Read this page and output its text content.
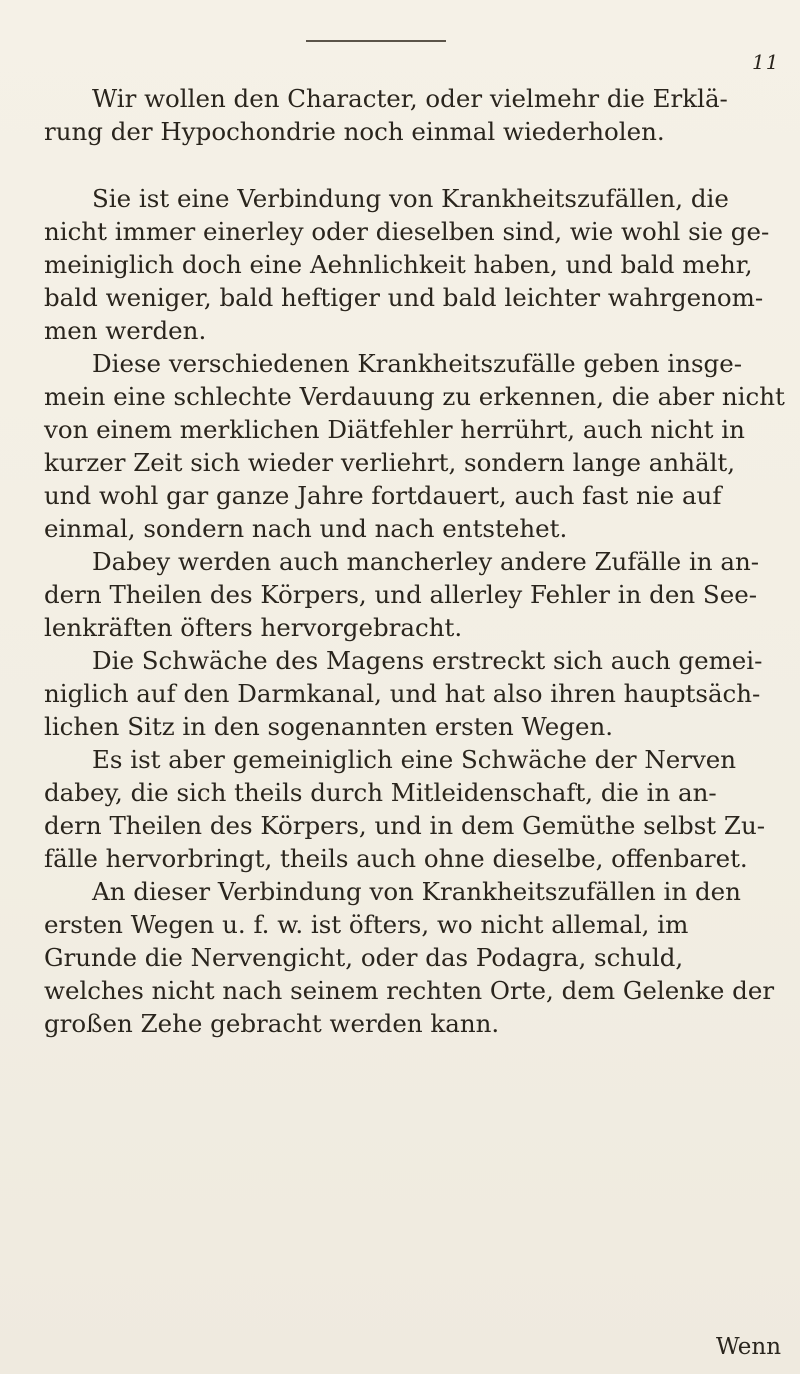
11
Wir wollen den Character, oder vielmehr die Erklä-
rung der Hypochondrie noch einmal wiederholen.
Sie ist eine Verbindung von Krankheitszufällen, die
nicht immer einerley oder dieselben sind, wie wohl sie ge-
meiniglich doch eine Aehnlichkeit haben, und bald mehr,
bald weniger, bald heftiger und bald leichter wahrgenom-
men werden.
Diese verschiedenen Krankheitszufälle geben insge-
mein eine schlechte Verdauung zu erkennen, die aber nicht
von einem merklichen Diätfehler herrührt, auch nicht in
kurzer Zeit sich wieder verliehrt, sondern lange anhält,
und wohl gar ganze Jahre fortdauert, auch fast nie auf
einmal, sondern nach und nach entstehet.
Dabey werden auch mancherley andere Zufälle in an-
dern Theilen des Körpers, und allerley Fehler in den See-
lenkräften öfters hervorgebracht.
Die Schwäche des Magens erstreckt sich auch gemei-
niglich auf den Darmkanal, und hat also ihren hauptsäch-
lichen Sitz in den sogenannten ersten Wegen.
Es ist aber gemeiniglich eine Schwäche der Nerven
dabey, die sich theils durch Mitleidenschaft, die in an-
dern Theilen des Körpers, und in dem Gemüthe selbst Zu-
fälle hervorbringt, theils auch ohne dieselbe, offenbaret.
An dieser Verbindung von Krankheitszufällen in den
ersten Wegen u. f. w. ist öfters, wo nicht allemal, im
Grunde die Nervengicht, oder das Podagra, schuld,
welches nicht nach seinem rechten Orte, dem Gelenke der
großen Zehe gebracht werden kann.
Wenn
